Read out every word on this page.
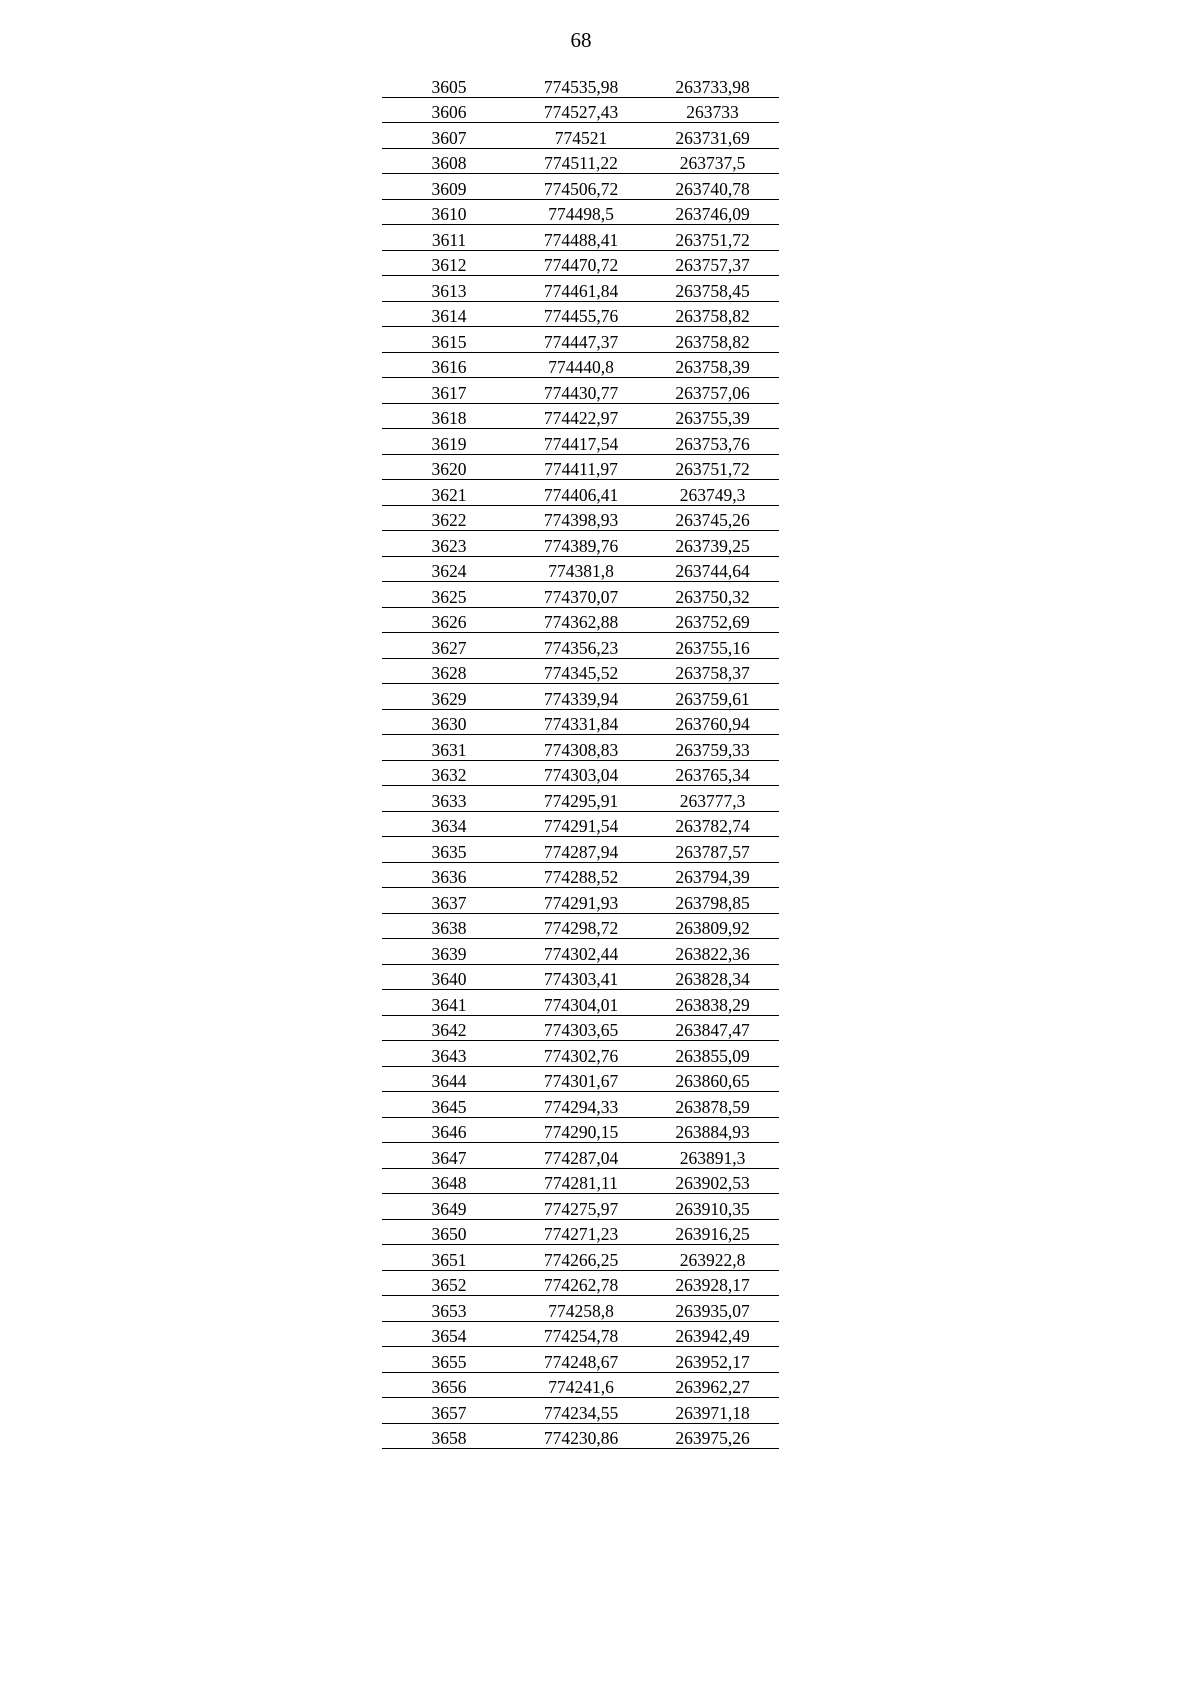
68
3605	774535,98	263733,98
3606	774527,43	263733
3607	774521	263731,69
3608	774511,22	263737,5
3609	774506,72	263740,78
3610	774498,5	263746,09
3611	774488,41	263751,72
3612	774470,72	263757,37
3613	774461,84	263758,45
3614	774455,76	263758,82
3615	774447,37	263758,82
3616	774440,8	263758,39
3617	774430,77	263757,06
3618	774422,97	263755,39
3619	774417,54	263753,76
3620	774411,97	263751,72
3621	774406,41	263749,3
3622	774398,93	263745,26
3623	774389,76	263739,25
3624	774381,8	263744,64
3625	774370,07	263750,32
3626	774362,88	263752,69
3627	774356,23	263755,16
3628	774345,52	263758,37
3629	774339,94	263759,61
3630	774331,84	263760,94
3631	774308,83	263759,33
3632	774303,04	263765,34
3633	774295,91	263777,3
3634	774291,54	263782,74
3635	774287,94	263787,57
3636	774288,52	263794,39
3637	774291,93	263798,85
3638	774298,72	263809,92
3639	774302,44	263822,36
3640	774303,41	263828,34
3641	774304,01	263838,29
3642	774303,65	263847,47
3643	774302,76	263855,09
3644	774301,67	263860,65
3645	774294,33	263878,59
3646	774290,15	263884,93
3647	774287,04	263891,3
3648	774281,11	263902,53
3649	774275,97	263910,35
3650	774271,23	263916,25
3651	774266,25	263922,8
3652	774262,78	263928,17
3653	774258,8	263935,07
3654	774254,78	263942,49
3655	774248,67	263952,17
3656	774241,6	263962,27
3657	774234,55	263971,18
3658	774230,86	263975,26
